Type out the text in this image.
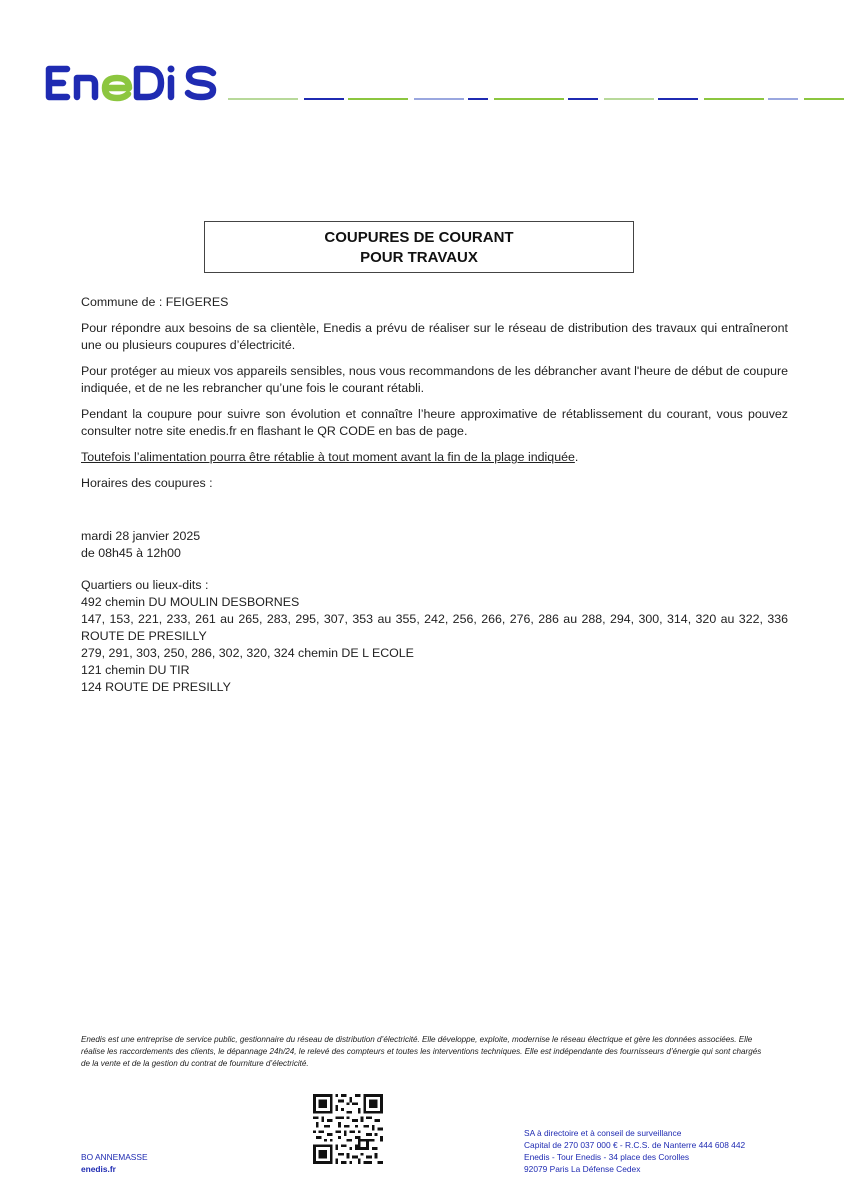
COUPURES DE COURANT
POUR TRAVAUX

Commune de : FEIGERES

Pour répondre aux besoins de sa clientèle, Enedis a prévu de réaliser sur le réseau de distribution des travaux qui entraîneront une ou plusieurs coupures d’électricité.

Pour protéger au mieux vos appareils sensibles, nous vous recommandons de les débrancher avant l'heure de début de coupure indiquée, et de ne les rebrancher qu’une fois le courant rétabli.

Pendant la coupure pour suivre son évolution et connaître l’heure approximative de rétablissement du courant, vous pouvez consulter notre site enedis.fr en flashant le QR CODE en bas de page.

Toutefois l’alimentation pourra être rétablie à tout moment avant la fin de la plage indiquée.

Horaires des coupures :

mardi 28 janvier 2025
de 08h45 à 12h00
Quartiers ou lieux-dits :
492 chemin DU MOULIN DESBORNES
147, 153, 221, 233, 261 au 265, 283, 295, 307, 353 au 355, 242, 256, 266, 276, 286 au 288, 294, 300, 314, 320 au 322, 336 ROUTE DE PRESILLY
279, 291, 303, 250, 286, 302, 320, 324 chemin DE L ECOLE
121 chemin DU TIR
124 ROUTE DE PRESILLY
Enedis est une entreprise de service public, gestionnaire du réseau de distribution d’électricité. Elle développe, exploite, modernise le réseau électrique et gère les données associées. Elle réalise les raccordements des clients, le dépannage 24h/24, le relevé des compteurs et toutes les interventions techniques. Elle est indépendante des fournisseurs d’énergie qui sont chargés de la vente et de la gestion du contrat de fourniture d’électricité.
BO ANNEMASSE
enedis.fr
SA à directoire et à conseil de surveillance
Capital de 270 037 000 € - R.C.S. de Nanterre 444 608 442
Enedis - Tour Enedis - 34 place des Corolles
92079 Paris La Défense Cedex
